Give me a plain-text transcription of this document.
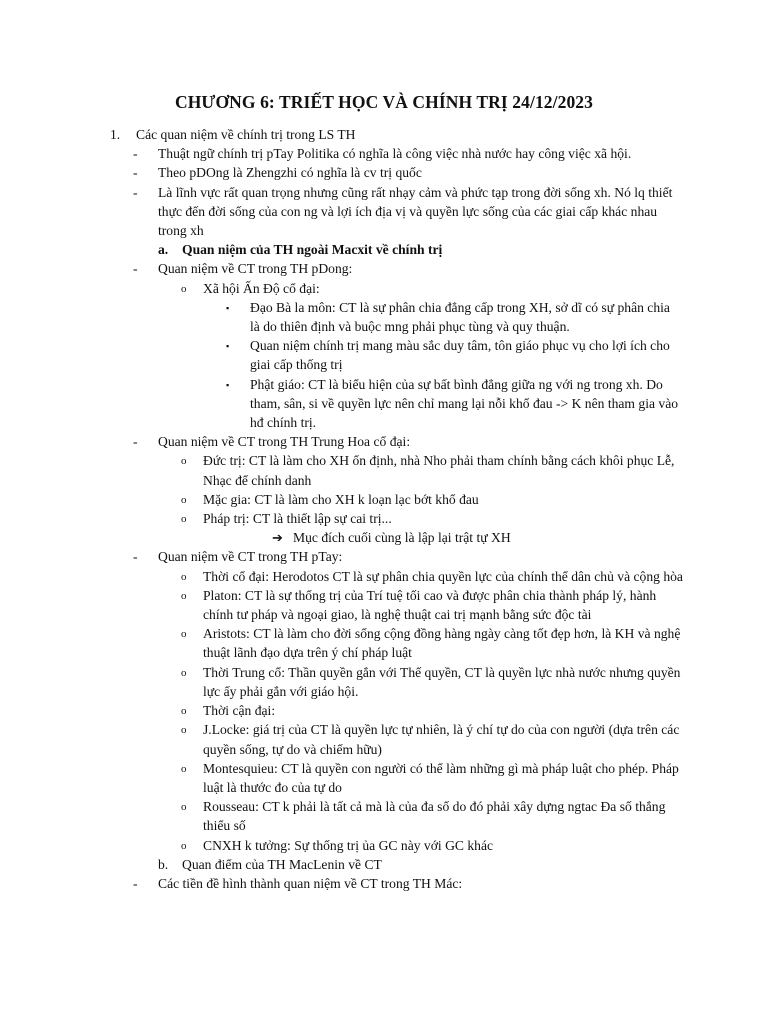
CHƯƠNG 6: TRIẾT HỌC VÀ CHÍNH TRỊ 24/12/2023
1. Các quan niệm về chính trị trong LS TH
- Thuật ngữ chính trị pTay Politika có nghĩa là công việc nhà nước hay công việc xã hội.
- Theo pDOng là Zhengzhi có nghĩa là cv trị quốc
- Là lĩnh vực rất quan trọng nhưng cũng rất nhạy cảm và phức tạp trong đời sống xh. Nó lq thiết thực đến đời sống của con ng và lợi ích địa vị và quyền lực sống của các giai cấp khác nhau trong xh
a. Quan niệm của TH ngoài Macxit về chính trị
- Quan niệm về CT trong TH pDong:
o Xã hội Ấn Độ cổ đại:
▪ Đạo Bà la môn: CT là sự phân chia đẳng cấp trong XH, sở dĩ có sự phân chia là do thiên định và buộc mng phải phục tùng và quy thuận.
▪ Quan niệm chính trị mang màu sắc duy tâm, tôn giáo phục vụ cho lợi ích cho giai cấp thống trị
▪ Phật giáo: CT là biểu hiện của sự bất bình đẳng giữa ng với ng trong xh. Do tham, sân, si về quyền lực nên chỉ mang lại nỗi khổ đau -> K nên tham gia vào hđ chính trị.
- Quan niệm về CT trong TH Trung Hoa cổ đại:
o Đức trị: CT là làm cho XH ổn định, nhà Nho phải tham chính bằng cách khôi phục Lễ, Nhạc để chính danh
o Mặc gia: CT là làm cho XH k loạn lạc bớt khổ đau
o Pháp trị: CT là thiết lập sự cai trị...
➔ Mục đích cuối cùng là lập lại trật tự XH
- Quan niệm về CT trong TH pTay:
o Thời cổ đại: Herodotos CT là sự phân chia quyền lực của chính thể dân chủ và cộng hòa
o Platon: CT là sự thống trị của Trí tuệ tối cao và được phân chia thành pháp lý, hành chính tư pháp và ngoại giao, là nghệ thuật cai trị mạnh bằng sức độc tài
o Aristots: CT là làm cho đời sống cộng đồng hàng ngày càng tốt đẹp hơn, là KH và nghệ thuật lãnh đạo dựa trên ý chí pháp luật
o Thời Trung cổ: Thần quyền gắn với Thế quyền, CT là quyền lực nhà nước nhưng quyền lực ấy phải gắn với giáo hội.
o Thời cận đại:
o J.Locke: giá trị của CT là quyền lực tự nhiên, là ý chí tự do của con người (dựa trên các quyền sống, tự do và chiếm hữu)
o Montesquieu: CT là quyền con người có thể làm những gì mà pháp luật cho phép. Pháp luật là thước đo của tự do
o Rousseau: CT k phải là tất cả mà là của đa số do đó phải xây dựng ngtac Đa số thắng thiểu số
o CNXH k tưởng: Sự thống trị ủa GC này với GC khác
b. Quan điểm của TH MacLenin về CT
- Các tiền đề hình thành quan niệm về CT trong TH Mác:
